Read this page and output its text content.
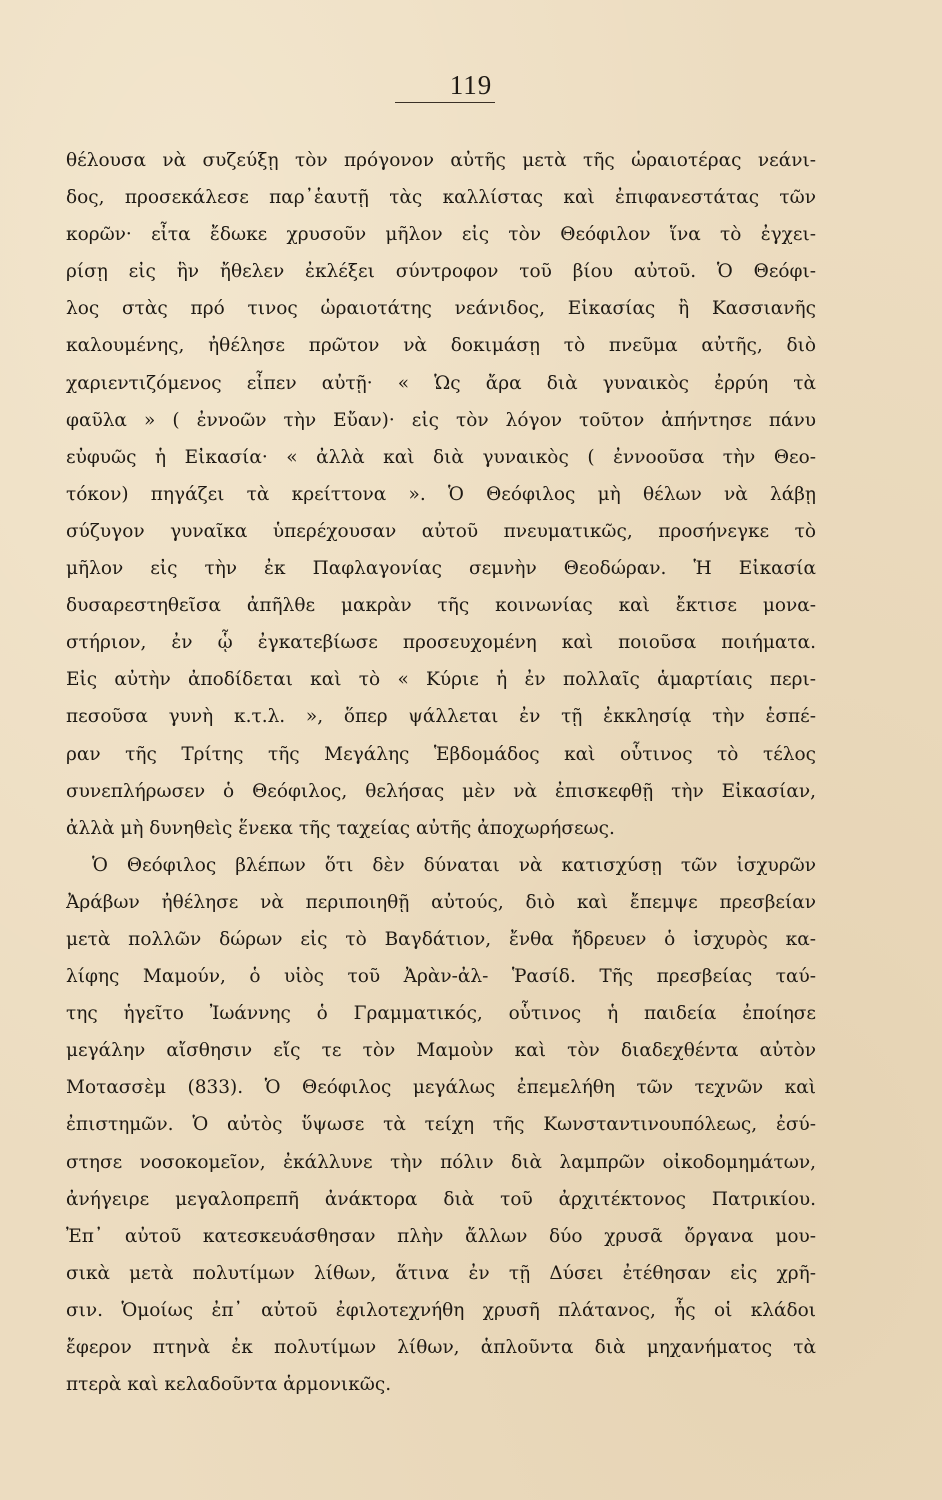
119
θέλουσα νὰ συζεύξῃ τὸν πρόγονον αὐτῆς μετὰ τῆς ὡραιοτέρας νεάνι-
δος, προσεκάλεσε παρ᾽ἑαυτῇ τὰς καλλίστας καὶ ἐπιφανεστάτας τῶν
κορῶν· εἶτα ἔδωκε χρυσοῦν μῆλον εἰς τὸν Θεόφιλον ἵνα τὸ ἐγχει-
ρίσῃ εἰς ἣν ἤθελεν ἐκλέξει σύντροφον τοῦ βίου αὐτοῦ. Ὁ Θεόφι-
λος στὰς πρό τινος ὡραιοτάτης νεάνιδος, Εἰκασίας ἢ Κασσιανῆς
καλουμένης, ἠθέλησε πρῶτον νὰ δοκιμάσῃ τὸ πνεῦμα αὐτῆς, διὸ
χαριεντιζόμενος εἶπεν αὐτῇ· « Ὡς ἄρα διὰ γυναικὸς ἐρρύη τὰ
φαῦλα » ( ἐννοῶν τὴν Εὔαν)· εἰς τὸν λόγον τοῦτον ἀπήντησε πάνυ
εὐφυῶς ἡ Εἰκασία· « ἀλλὰ καὶ διὰ γυναικὸς ( ἐννοοῦσα τὴν Θεο-
τόκον) πηγάζει τὰ κρείττονα ». Ὁ Θεόφιλος μὴ θέλων νὰ λάβῃ
σύζυγον γυναῖκα ὑπερέχουσαν αὐτοῦ πνευματικῶς, προσήνεγκε τὸ
μῆλον εἰς τὴν ἐκ Παφλαγονίας σεμνὴν Θεοδώραν. Ἡ Εἰκασία
δυσαρεστηθεῖσα ἀπῆλθε μακρὰν τῆς κοινωνίας καὶ ἔκτισε μονα-
στήριον, ἐν ᾧ ἐγκατεβίωσε προσευχομένη καὶ ποιοῦσα ποιήματα.
Εἰς αὐτὴν ἀποδίδεται καὶ τὸ « Κύριε ἡ ἐν πολλαῖς ἁμαρτίαις περι-
πεσοῦσα γυνὴ κ.τ.λ. », ὅπερ ψάλλεται ἐν τῇ ἐκκλησίᾳ τὴν ἑσπέ-
ραν τῆς Τρίτης τῆς Μεγάλης Ἑβδομάδος καὶ οὗτινος τὸ τέλος
συνεπλήρωσεν ὁ Θεόφιλος, θελήσας μὲν νὰ ἐπισκεφθῇ τὴν Εἰκασίαν,
ἀλλὰ μὴ δυνηθεὶς ἕνεκα τῆς ταχείας αὐτῆς ἀποχωρήσεως.
Ὁ Θεόφιλος βλέπων ὅτι δὲν δύναται νὰ κατισχύσῃ τῶν ἰσχυρῶν
Ἀράβων ἠθέλησε νὰ περιποιηθῇ αὐτούς, διὸ καὶ ἔπεμψε πρεσβείαν
μετὰ πολλῶν δώρων εἰς τὸ Βαγδάτιον, ἔνθα ἤδρευεν ὁ ἰσχυρὸς κα-
λίφης Μαμούν, ὁ υἱὸς τοῦ Ἀρὰν-ἀλ- Ῥασίδ. Τῆς πρεσβείας ταύ-
της ἡγεῖτο Ἰωάννης ὁ Γραμματικός, οὗτινος ἡ παιδεία ἐποίησε
μεγάλην αἴσθησιν εἴς τε τὸν Μαμοὺν καὶ τὸν διαδεχθέντα αὐτὸν
Μοτασσὲμ (833). Ὁ Θεόφιλος μεγάλως ἐπεμελήθη τῶν τεχνῶν καὶ
ἐπιστημῶν. Ὁ αὐτὸς ὕψωσε τὰ τείχη τῆς Κωνσταντινουπόλεως, ἐσύ-
στησε νοσοκομεῖον, ἐκάλλυνε τὴν πόλιν διὰ λαμπρῶν οἰκοδομημάτων,
ἀνήγειρε μεγαλοπρεπῆ ἀνάκτορα διὰ τοῦ ἀρχιτέκτονος Πατρικίου.
Ἐπ᾽ αὐτοῦ κατεσκευάσθησαν πλὴν ἄλλων δύο χρυσᾶ ὄργανα μου-
σικὰ μετὰ πολυτίμων λίθων, ἅτινα ἐν τῇ Δύσει ἐτέθησαν εἰς χρῆ-
σιν. Ὁμοίως ἐπ᾽ αὐτοῦ ἐφιλοτεχνήθη χρυσῆ πλάτανος, ἧς οἱ κλάδοι
ἔφερον πτηνὰ ἐκ πολυτίμων λίθων, ἁπλοῦντα διὰ μηχανήματος τὰ
πτερὰ καὶ κελαδοῦντα ἁρμονικῶς.
